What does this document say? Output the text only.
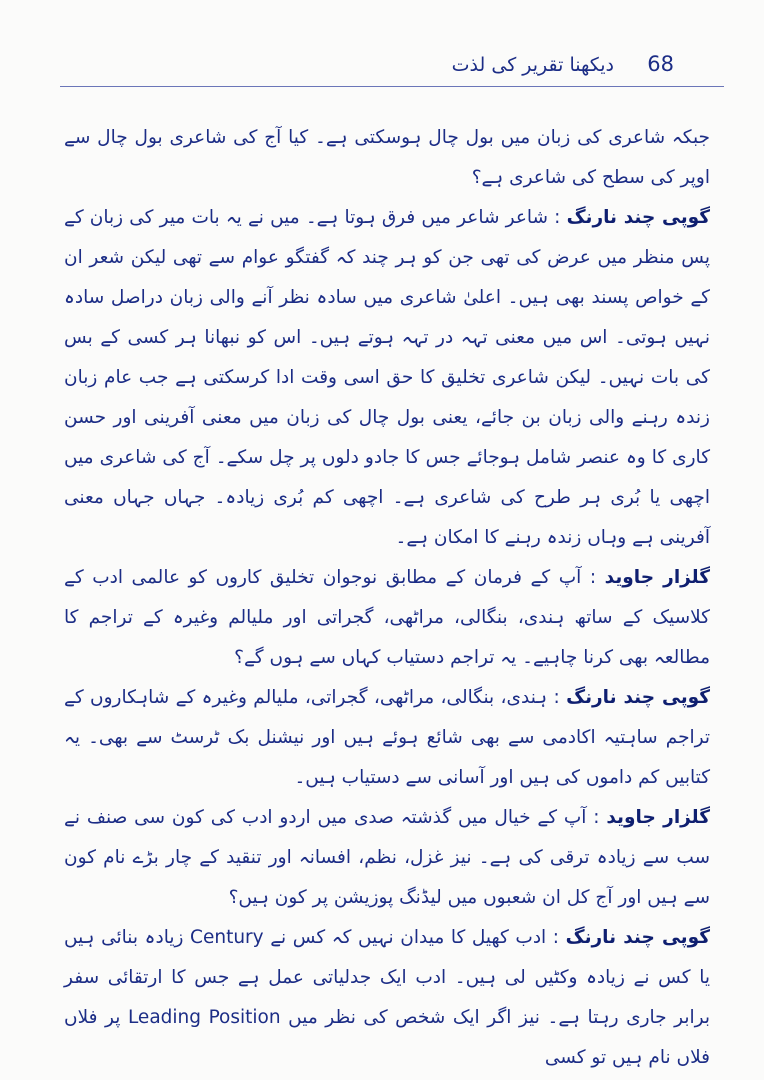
دیکھنا تقریر کی لذت 68

جبکہ شاعری کی زبان میں بول چال ہوسکتی ہے۔ کیا آج کی شاعری بول چال سے اوپر کی سطح کی شاعری ہے؟

گوپی چند نارنگ : شاعر شاعر میں فرق ہوتا ہے۔ میں نے یہ بات میر کی زبان کے پس منظر میں عرض کی تھی جن کو ہر چند کہ گفتگو عوام سے تھی لیکن شعر ان کے خواص پسند بھی ہیں۔ اعلیٰ شاعری میں سادہ نظر آنے والی زبان دراصل سادہ نہیں ہوتی۔ اس میں معنی تہہ در تہہ ہوتے ہیں۔ اس کو نبھانا ہر کسی کے بس کی بات نہیں۔ لیکن شاعری تخلیق کا حق اسی وقت ادا کرسکتی ہے جب عام زبان زندہ رہنے والی زبان بن جائے، یعنی بول چال کی زبان میں معنی آفرینی اور حسن کاری کا وہ عنصر شامل ہوجائے جس کا جادو دلوں پر چل سکے۔ آج کی شاعری میں اچھی یا بُری ہر طرح کی شاعری ہے۔ اچھی کم بُری زیادہ۔ جہاں جہاں معنی آفرینی ہے وہاں زندہ رہنے کا امکان ہے۔

گلزار جاوید : آپ کے فرمان کے مطابق نوجوان تخلیق کاروں کو عالمی ادب کے کلاسیک کے ساتھ ہندی، بنگالی، مراٹھی، گجراتی اور ملیالم وغیرہ کے تراجم کا مطالعہ بھی کرنا چاہیے۔ یہ تراجم دستیاب کہاں سے ہوں گے؟

گوپی چند نارنگ : ہندی، بنگالی، مراٹھی، گجراتی، ملیالم وغیرہ کے شاہکاروں کے تراجم ساہتیہ اکادمی سے بھی شائع ہوئے ہیں اور نیشنل بک ٹرسٹ سے بھی۔ یہ کتابیں کم داموں کی ہیں اور آسانی سے دستیاب ہیں۔

گلزار جاوید : آپ کے خیال میں گذشتہ صدی میں اردو ادب کی کون سی صنف نے سب سے زیادہ ترقی کی ہے۔ نیز غزل، نظم، افسانہ اور تنقید کے چار بڑے نام کون سے ہیں اور آج کل ان شعبوں میں لیڈنگ پوزیشن پر کون ہیں؟

گوپی چند نارنگ : ادب کھیل کا میدان نہیں کہ کس نے Century زیادہ بنائی ہیں یا کس نے زیادہ وکٹیں لی ہیں۔ ادب ایک جدلیاتی عمل ہے جس کا ارتقائی سفر برابر جاری رہتا ہے۔ نیز اگر ایک شخص کی نظر میں Leading Position پر فلاں فلاں نام ہیں تو کسی
